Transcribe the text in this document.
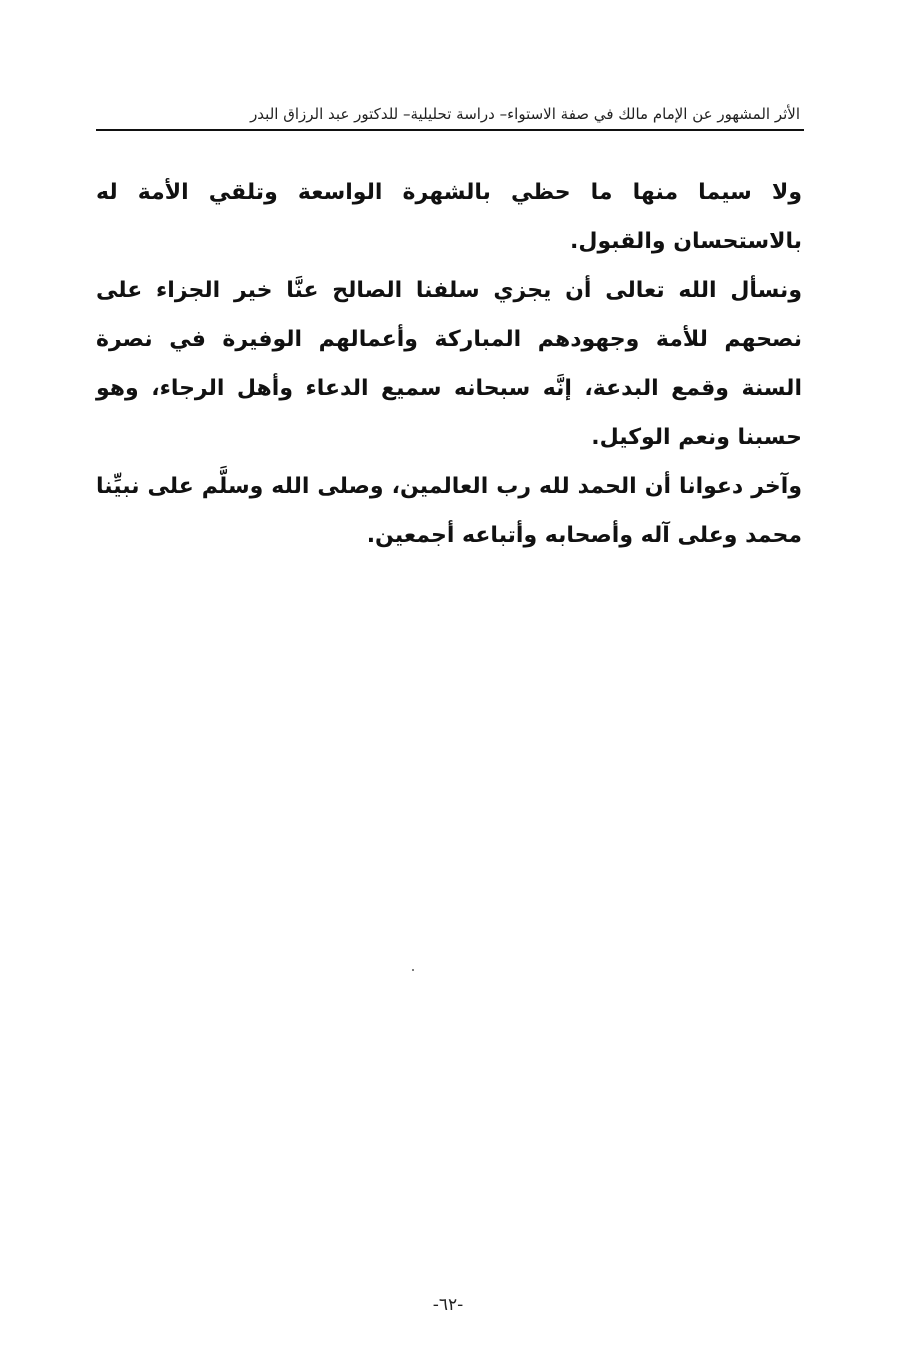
الأثر المشهور عن الإمام مالك في صفة الاستواء– دراسة تحليلية– للدكتور عبد الرزاق البدر

ولا سيما منها ما حظي بالشهرة الواسعة وتلقي الأمة له بالاستحسان والقبول.

ونسأل الله تعالى أن يجزي سلفنا الصالح عنَّا خير الجزاء على نصحهم للأمة وجهودهم المباركة وأعمالهم الوفيرة في نصرة السنة وقمع البدعة، إنَّه سبحانه سميع الدعاء وأهل الرجاء، وهو حسبنا ونعم الوكيل.

وآخر دعوانا أن الحمد لله رب العالمين، وصلى الله وسلَّم على نبيِّنا محمد وعلى آله وأصحابه وأتباعه أجمعين.

-٦٢-
